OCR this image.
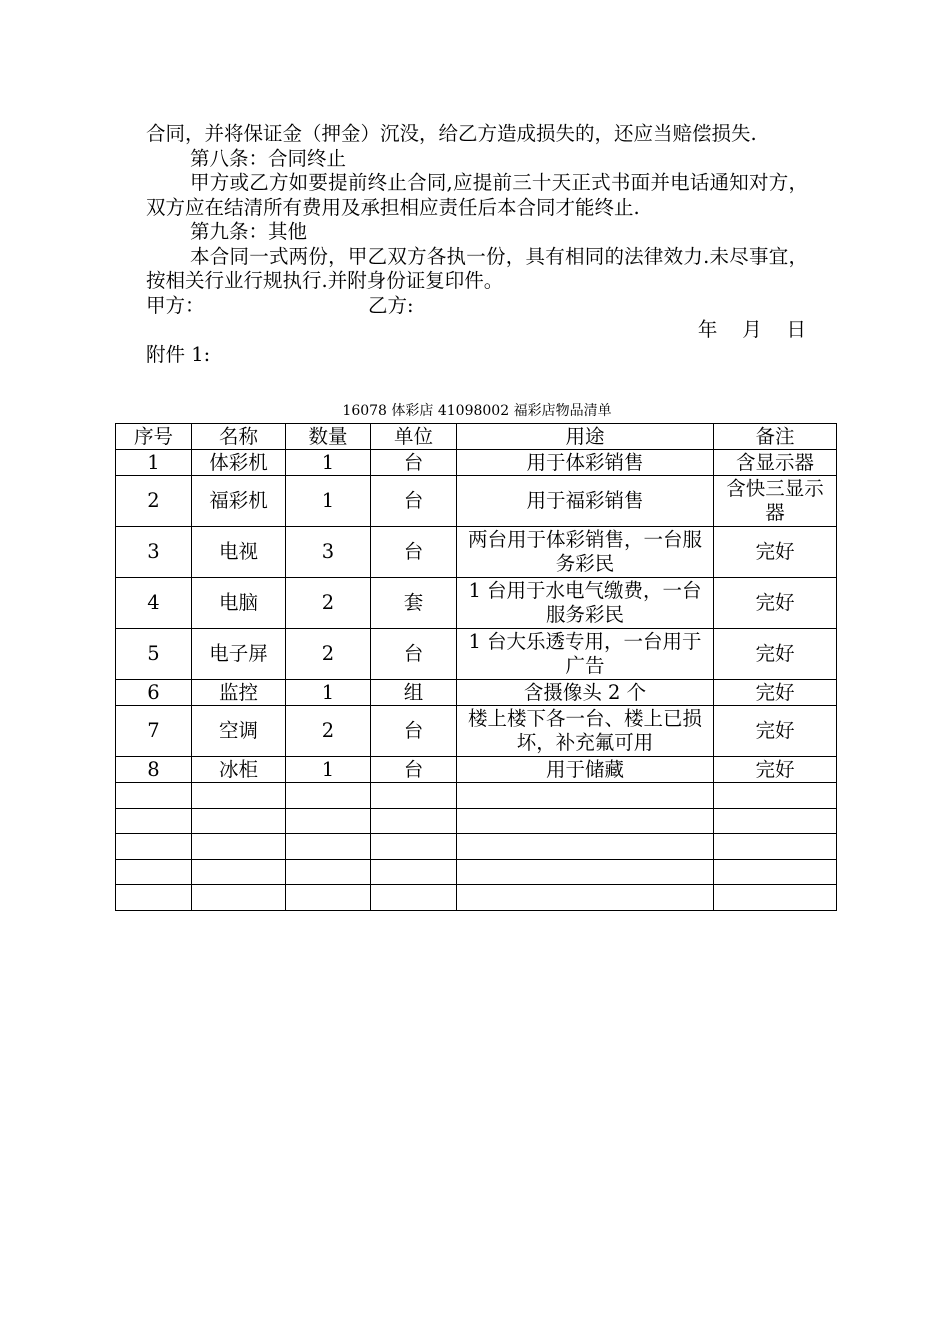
合同，并将保证金（押金）沉没，给乙方造成损失的，还应当赔偿损失.

第八条：合同终止

甲方或乙方如要提前终止合同,应提前三十天正式书面并电话通知对方，双方应在结清所有费用及承担相应责任后本合同才能终止.

第九条：其他

本合同一式两份，甲乙双方各执一份，具有相同的法律效力.未尽事宜，按相关行业行规执行.并附身份证复印件。

甲方：	乙方:

年    月    日

附件 1:

16078 体彩店 41098002 福彩店物品清单
序号	名称	数量	单位	用途	备注
1	体彩机	1	台	用于体彩销售	含显示器
2	福彩机	1	台	用于福彩销售	含快三显示器
3	电视	3	台	两台用于体彩销售，一台服务彩民	完好
4	电脑	2	套	1 台用于水电气缴费，一台服务彩民	完好
5	电子屏	2	台	1 台大乐透专用，一台用于广告	完好
6	监控	1	组	含摄像头 2 个	完好
7	空调	2	台	楼上楼下各一台、楼上已损坏，补充氟可用	完好
8	冰柜	1	台	用于储藏	完好
